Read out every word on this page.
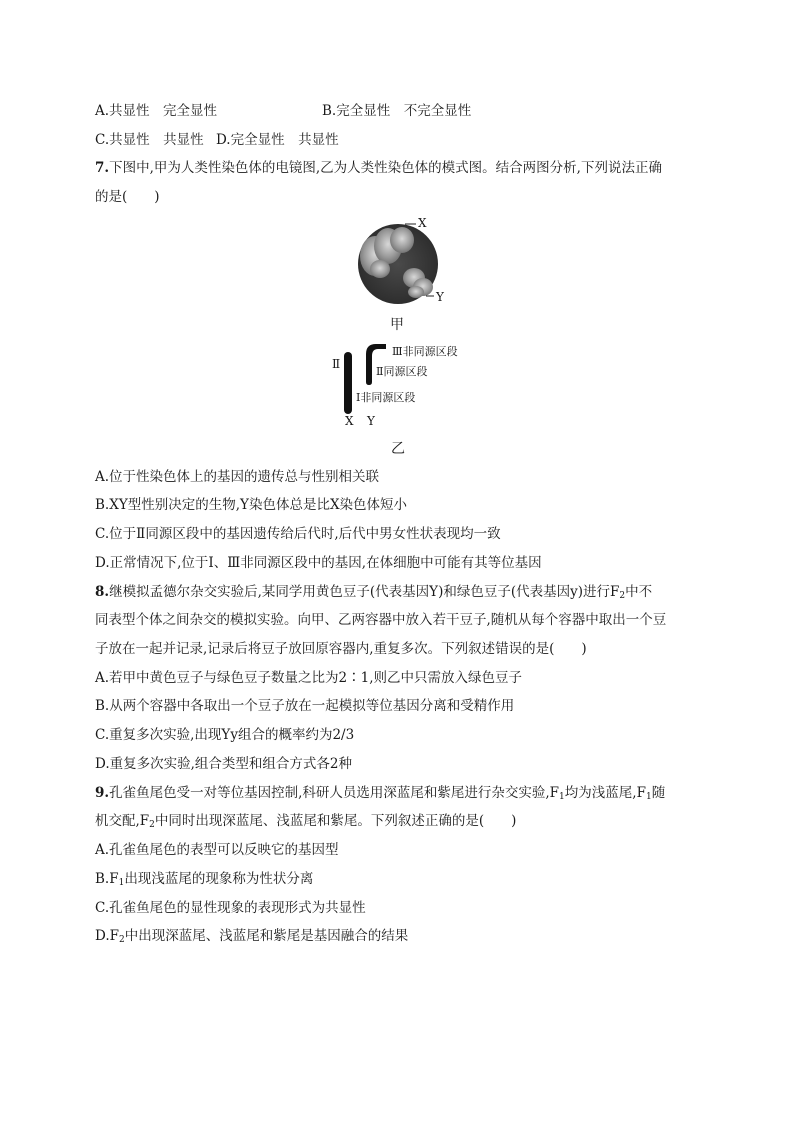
A.共显性　完全显性	B.完全显性　不完全显性
C.共显性　共显性 D.完全显性　共显性
7.下图中,甲为人类性染色体的电镜图,乙为人类性染色体的模式图。结合两图分析,下列说法正确
的是(　　)
X
Y
甲
Ⅱ
Ⅲ非同源区段
Ⅱ同源区段
Ⅰ非同源区段
X Y
乙
A.位于性染色体上的基因的遗传总与性别相关联
B.XY型性别决定的生物,Y染色体总是比X染色体短小
C.位于Ⅱ同源区段中的基因遗传给后代时,后代中男女性状表现均一致
D.正常情况下,位于Ⅰ、Ⅲ非同源区段中的基因,在体细胞中可能有其等位基因
8.继模拟孟德尔杂交实验后,某同学用黄色豆子(代表基因Y)和绿色豆子(代表基因y)进行$F_2$中不
同表型个体之间杂交的模拟实验。向甲、乙两容器中放入若干豆子,随机从每个容器中取出一个豆
子放在一起并记录,记录后将豆子放回原容器内,重复多次。下列叙述错误的是(　　)
A.若甲中黄色豆子与绿色豆子数量之比为2∶1,则乙中只需放入绿色豆子
B.从两个容器中各取出一个豆子放在一起模拟等位基因分离和受精作用
C.重复多次实验,出现Yy组合的概率约为2/3
D.重复多次实验,组合类型和组合方式各2种
9.孔雀鱼尾色受一对等位基因控制,科研人员选用深蓝尾和紫尾进行杂交实验$,F_1$均为浅蓝尾$,F_1$随
机交配$,F_2$中同时出现深蓝尾、浅蓝尾和紫尾。下列叙述正确的是(　　)
A.孔雀鱼尾色的表型可以反映它的基因型
$B.F_1$出现浅蓝尾的现象称为性状分离
C.孔雀鱼尾色的显性现象的表现形式为共显性
$D.F_2$中出现深蓝尾、浅蓝尾和紫尾是基因融合的结果
